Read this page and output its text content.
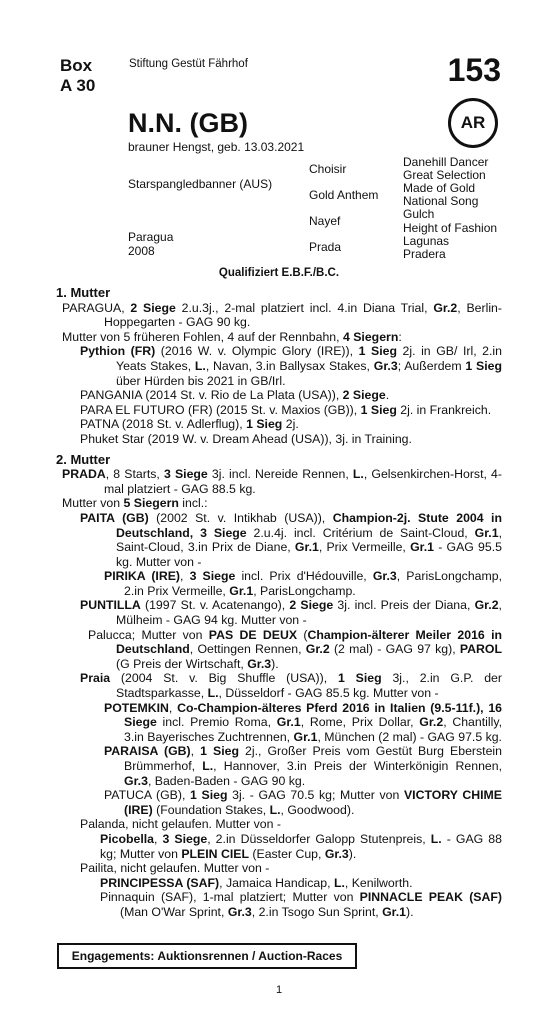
Box
A 30
Stiftung Gestüt Fährhof	153
AR
N.N. (GB)
brauner Hengst, geb. 13.03.2021
Starspangledbanner (AUS)
Paragua
2008
Choisir
Gold Anthem
Nayef
Prada
Danehill Dancer
Great Selection
Made of Gold
National Song
Gulch
Height of Fashion
Lagunas
Pradera
Qualifiziert E.B.F./B.C.
1. Mutter
PARAGUA, 2 Siege 2.u.3j., 2-mal platziert incl. 4.in Diana Trial, Gr.2, Berlin-Hoppegarten - GAG 90 kg.
Mutter von 5 früheren Fohlen, 4 auf der Rennbahn, 4 Siegern:
Pythion (FR) (2016 W. v. Olympic Glory (IRE)), 1 Sieg 2j. in GB/ Irl, 2.in Yeats Stakes, L., Navan, 3.in Ballysax Stakes, Gr.3; Außerdem 1 Sieg über Hürden bis 2021 in GB/Irl.
PANGANIA (2014 St. v. Rio de La Plata (USA)), 2 Siege.
PARA EL FUTURO (FR) (2015 St. v. Maxios (GB)), 1 Sieg 2j. in Frankreich.
PATNA (2018 St. v. Adlerflug), 1 Sieg 2j.
Phuket Star (2019 W. v. Dream Ahead (USA)), 3j. in Training.
2. Mutter
PRADA, 8 Starts, 3 Siege 3j. incl. Nereide Rennen, L., Gelsenkirchen-Horst, 4-mal platziert - GAG 88.5 kg.
Mutter von 5 Siegern incl.:
PAITA (GB) (2002 St. v. Intikhab (USA)), Champion-2j. Stute 2004 in Deutschland, 3 Siege 2.u.4j. incl. Critérium de Saint-Cloud, Gr.1, Saint-Cloud, 3.in Prix de Diane, Gr.1, Prix Vermeille, Gr.1 - GAG 95.5 kg. Mutter von -
PIRIKA (IRE), 3 Siege incl. Prix d'Hédouville, Gr.3, ParisLongchamp, 2.in Prix Vermeille, Gr.1, ParisLongchamp.
PUNTILLA (1997 St. v. Acatenango), 2 Siege 3j. incl. Preis der Diana, Gr.2, Mülheim - GAG 94 kg. Mutter von -
Palucca; Mutter von PAS DE DEUX (Champion-älterer Meiler 2016 in Deutschland, Oettingen Rennen, Gr.2 (2 mal) - GAG 97 kg), PAROL (G Preis der Wirtschaft, Gr.3).
Praia (2004 St. v. Big Shuffle (USA)), 1 Sieg 3j., 2.in G.P. der Stadtsparkasse, L., Düsseldorf - GAG 85.5 kg. Mutter von -
POTEMKIN, Co-Champion-älteres Pferd 2016 in Italien (9.5-11f.), 16 Siege incl. Premio Roma, Gr.1, Rome, Prix Dollar, Gr.2, Chantilly, 3.in Bayerisches Zuchtrennen, Gr.1, München (2 mal) - GAG 97.5 kg.
PARAISA (GB), 1 Sieg 2j., Großer Preis vom Gestüt Burg Eberstein Brümmerhof, L., Hannover, 3.in Preis der Winterkönigin Rennen, Gr.3, Baden-Baden - GAG 90 kg.
PATUCA (GB), 1 Sieg 3j. - GAG 70.5 kg; Mutter von VICTORY CHIME (IRE) (Foundation Stakes, L., Goodwood).
Palanda, nicht gelaufen. Mutter von -
Picobella, 3 Siege, 2.in Düsseldorfer Galopp Stutenpreis, L. - GAG 88 kg; Mutter von PLEIN CIEL (Easter Cup, Gr.3).
Pailita, nicht gelaufen. Mutter von -
PRINCIPESSA (SAF), Jamaica Handicap, L., Kenilworth.
Pinnaquin (SAF), 1-mal platziert; Mutter von PINNACLE PEAK (SAF) (Man O'War Sprint, Gr.3, 2.in Tsogo Sun Sprint, Gr.1).
Engagements: Auktionsrennen / Auction-Races
1
